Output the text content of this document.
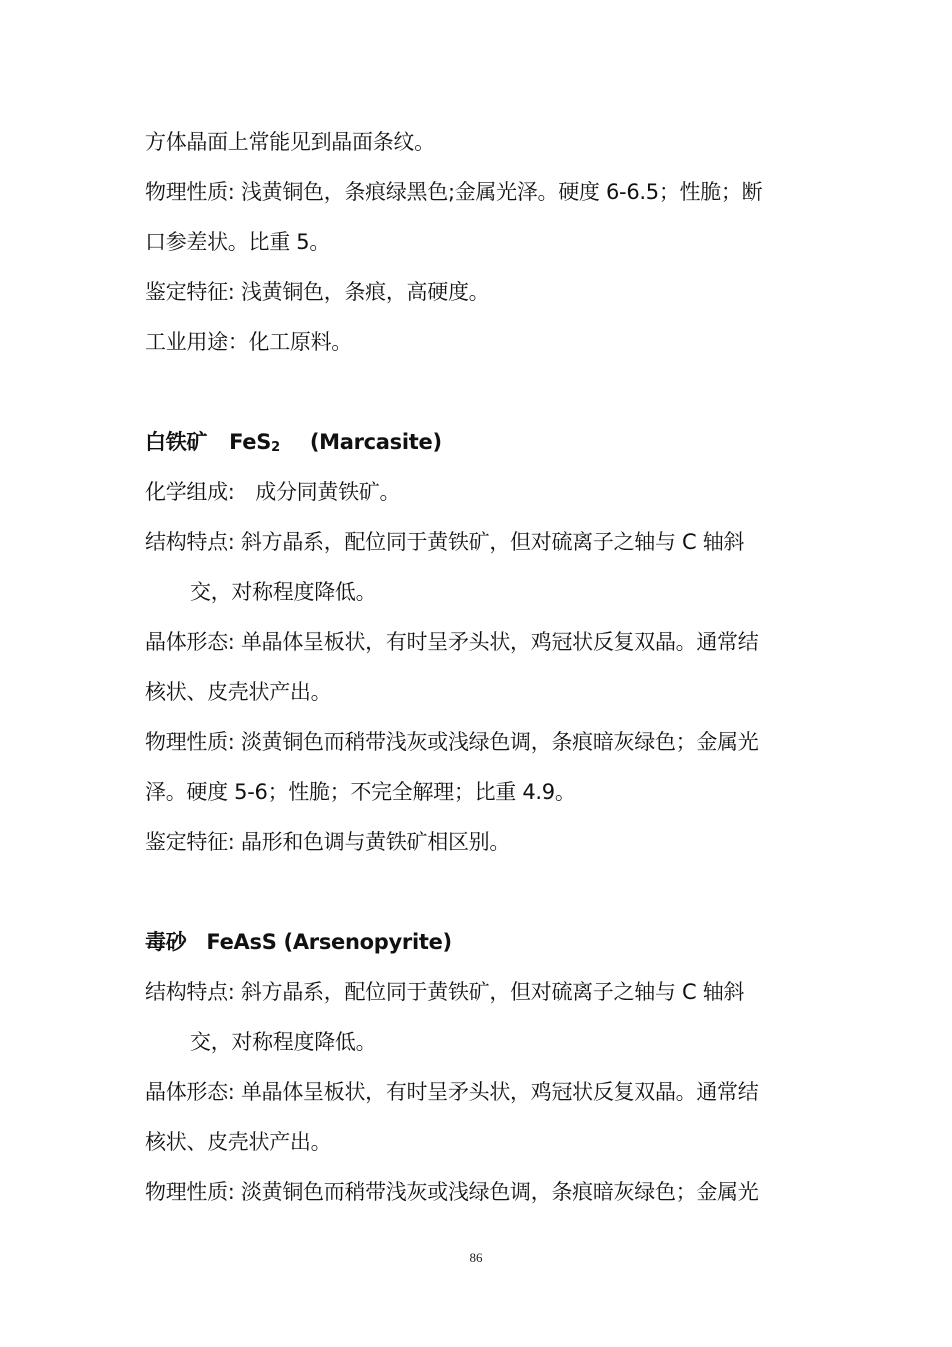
方体晶面上常能见到晶面条纹。
物理性质: 浅黄铜色，条痕绿黑色;金属光泽。硬度 6-6.5；性脆；断
口参差状。比重 5。
鉴定特征: 浅黄铜色，条痕，高硬度。
工业用途：化工原料。
白铁矿 FeS$_2$ (Marcasite)
化学组成:　成分同黄铁矿。
结构特点: 斜方晶系，配位同于黄铁矿，但对硫离子之轴与 C 轴斜
交，对称程度降低。
晶体形态: 单晶体呈板状，有时呈矛头状，鸡冠状反复双晶。通常结
核状、皮壳状产出。
物理性质: 淡黄铜色而稍带浅灰或浅绿色调，条痕暗灰绿色；金属光
泽。硬度 5-6；性脆；不完全解理；比重 4.9。
鉴定特征: 晶形和色调与黄铁矿相区别。
毒砂 FeAsS (Arsenopyrite)
结构特点: 斜方晶系，配位同于黄铁矿，但对硫离子之轴与 C 轴斜
交，对称程度降低。
晶体形态: 单晶体呈板状，有时呈矛头状，鸡冠状反复双晶。通常结
核状、皮壳状产出。
物理性质: 淡黄铜色而稍带浅灰或浅绿色调，条痕暗灰绿色；金属光
86
